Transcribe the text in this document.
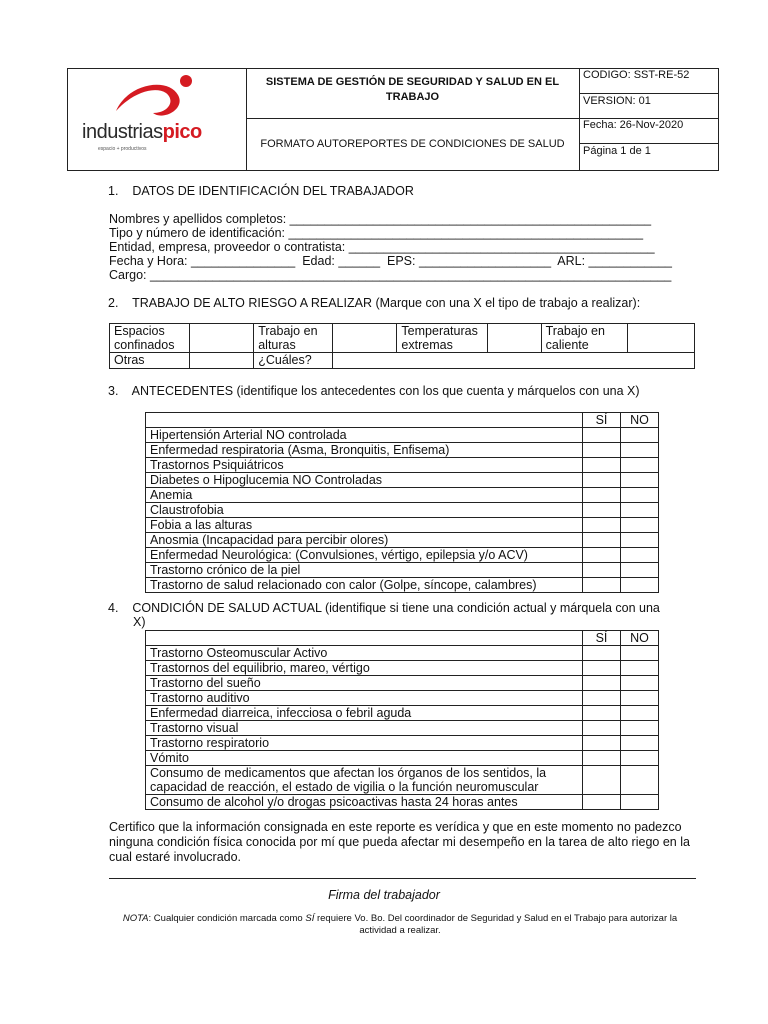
industriaspico
espacio + productivos
SISTEMA DE GESTIÓN DE SEGURIDAD Y SALUD EN EL TRABAJO
FORMATO AUTOREPORTES DE CONDICIONES DE SALUD
CODIGO: SST-RE-52
VERSION: 01
Fecha: 26-Nov-2020
Página 1 de 1
1.    DATOS DE IDENTIFICACIÓN DEL TRABAJADOR
Nombres y apellidos completos: ____________________________________________________
Tipo y número de identificación: ___________________________________________________
Entidad, empresa, proveedor o contratista: ____________________________________________
Fecha y Hora: _______________  Edad: ______  EPS: ___________________  ARL: ____________
Cargo: ___________________________________________________________________________
2.    TRABAJO DE ALTO RIESGO A REALIZAR (Marque con una X el tipo de trabajo a realizar):
Espacios confinados		Trabajo en alturas		Temperaturas extremas		Trabajo en caliente	
Otras		¿Cuáles?					
3.    ANTECEDENTES (identifique los antecedentes con los que cuenta y márquelos con una X)
	SÍ	NO
Hipertensión Arterial NO controlada		
Enfermedad respiratoria (Asma, Bronquitis, Enfisema)		
Trastornos Psiquiátricos		
Diabetes o Hipoglucemia NO Controladas		
Anemia		
Claustrofobia		
Fobia a las alturas		
Anosmia (Incapacidad para percibir olores)		
Enfermedad Neurológica: (Convulsiones, vértigo, epilepsia y/o ACV)		
Trastorno crónico de la piel		
Trastorno de salud relacionado con calor (Golpe, síncope, calambres)		
4.    CONDICIÓN DE SALUD ACTUAL (identifique si tiene una condición actual y márquela con una
X)
	SÍ	NO
Trastorno Osteomuscular Activo		
Trastornos del equilibrio, mareo, vértigo		
Trastorno del sueño		
Trastorno auditivo		
Enfermedad diarreica, infecciosa o febril aguda		
Trastorno visual		
Trastorno respiratorio		
Vómito		
Consumo de medicamentos que afectan los órganos de los sentidos, la capacidad de reacción, el estado de vigilia o la función neuromuscular		
Consumo de alcohol y/o drogas psicoactivas hasta 24 horas antes		
Certifico que la información consignada en este reporte es verídica y que en este momento no padezco ninguna condición física conocida por mí que pueda afectar mi desempeño en la tarea de alto riego en la cual estaré involucrado.
Firma del trabajador
NOTA: Cualquier condición marcada como SÍ requiere Vo. Bo. Del coordinador de Seguridad y Salud en el Trabajo para autorizar la actividad a realizar.
